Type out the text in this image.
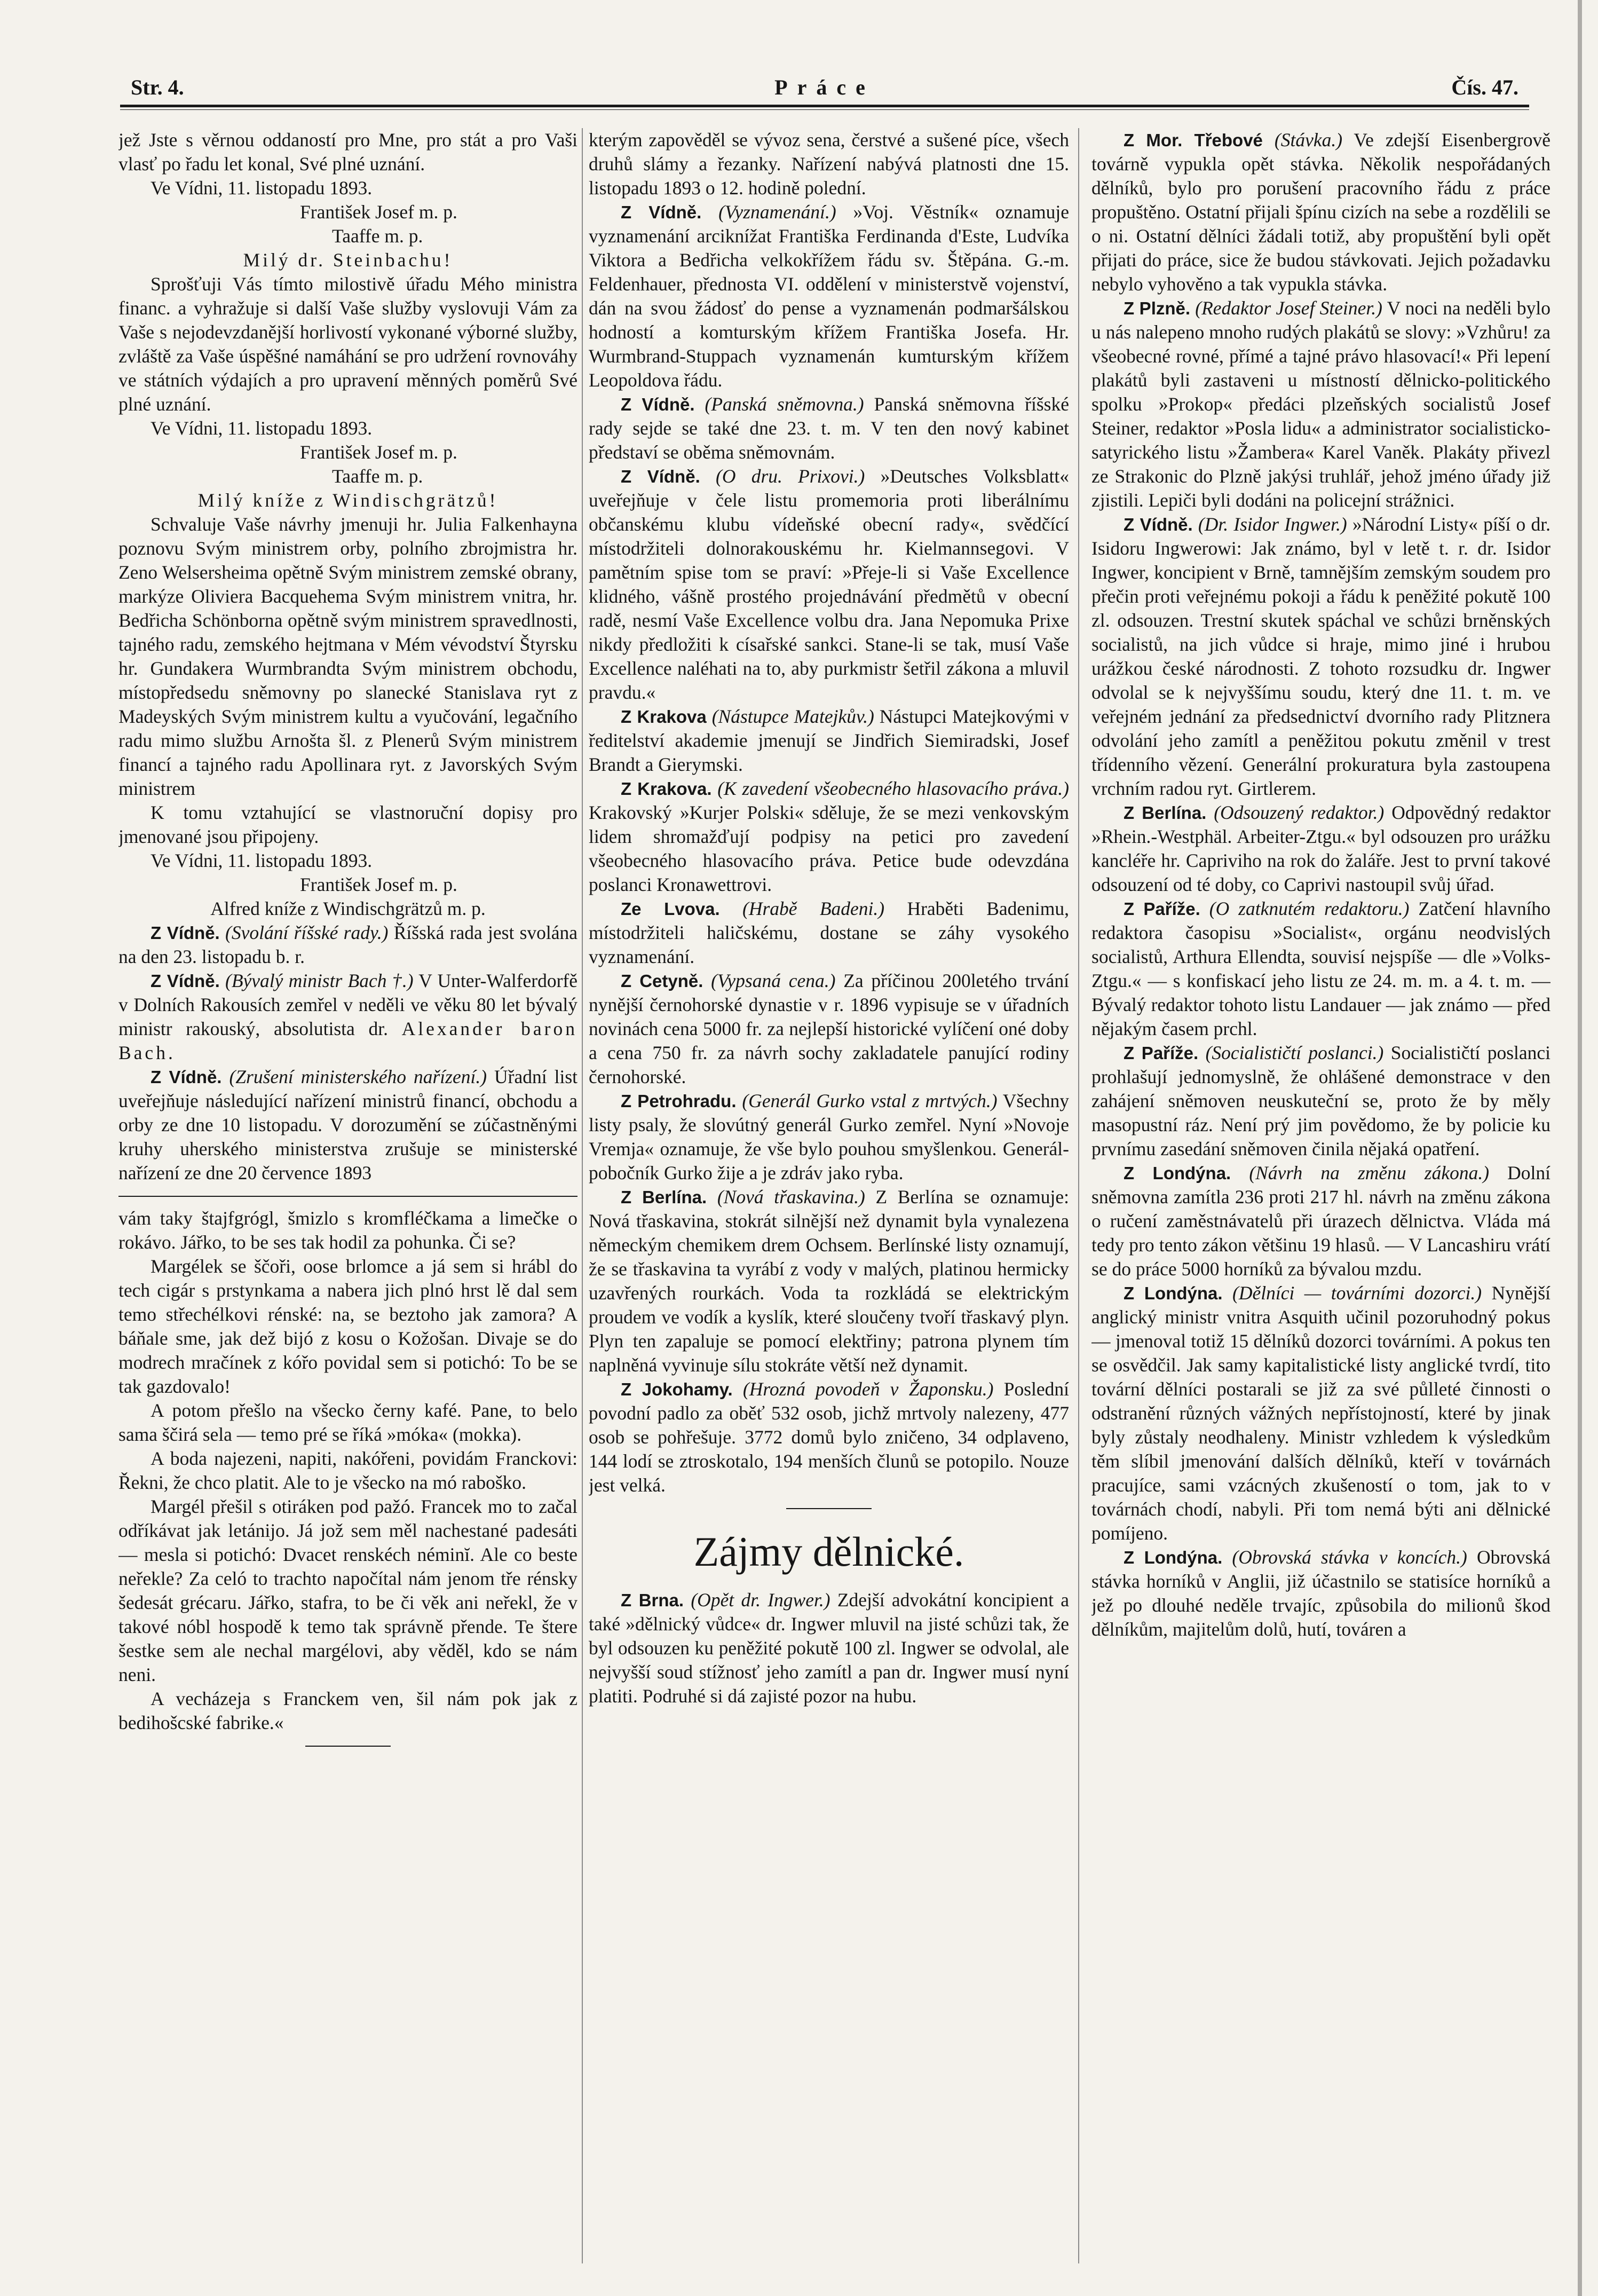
Str. 4.	Práce	Čís. 47.

jež Jste s věrnou oddaností pro Mne, pro stát a pro Vaši vlasť po řadu let konal, Své plné uznání.

Ve Vídni, 11. listopadu 1893.

František Josef m. p.

Taaffe m. p.

Milý dr. Steinbachu!

Sprošťuji Vás tímto milostivě úřadu Mého ministra financ. a vyhražuje si další Vaše služby vyslovuji Vám za Vaše s nejodevzdanější horlivostí vykonané výborné služby, zvláště za Vaše úspěšné namáhání se pro udržení rovnováhy ve státních výdajích a pro upravení měnných poměrů Své plné uznání.

Ve Vídni, 11. listopadu 1893.

František Josef m. p.

Taaffe m. p.

Milý kníže z Windischgrätzů!

Schvaluje Vaše návrhy jmenuji hr. Julia Falkenhayna poznovu Svým ministrem orby, polního zbrojmistra hr. Zeno Welsersheima opětně Svým ministrem zemské obrany, markýze Oliviera Bacquehema Svým ministrem vnitra, hr. Bedřicha Schönborna opětně svým ministrem spravedlnosti, tajného radu, zemského hejtmana v Mém vévodství Štyrsku hr. Gundakera Wurmbrandta Svým ministrem obchodu, místopředsedu sněmovny po slanecké Stanislava ryt z Madeyských Svým ministrem kultu a vyučování, legačního radu mimo službu Arnošta šl. z Plenerů Svým ministrem financí a tajného radu Apollinara ryt. z Javorských Svým ministrem

K tomu vztahující se vlastnoruční dopisy pro jmenované jsou připojeny.

Ve Vídni, 11. listopadu 1893.

František Josef m. p.

Alfred kníže z Windischgrätzů m. p.

Z Vídně. (Svolání říšské rady.) Říšská rada jest svolána na den 23. listopadu b. r.

Z Vídně. (Bývalý ministr Bach †.) V Unter-Walferdorfě v Dolních Rakousích zemřel v neděli ve věku 80 let bývalý ministr rakouský, absolutista dr. Alexander baron Bach.

Z Vídně. (Zrušení ministerského nařízení.) Úřadní list uveřejňuje následující nařízení ministrů financí, obchodu a orby ze dne 10 listopadu. V dorozumění se zúčastněnými kruhy uherského ministerstva zrušuje se ministerské nařízení ze dne 20 července 1893

vám taky štajfgrógl, šmizlo s kromfléčkama a limečke o rokávo. Jářko, to be ses tak hodil za pohunka. Či se?

Margélek se ščoři, oose brlomce a já sem si hrábl do tech cigár s prstynkama a nabera jich plnó hrst lě dal sem temo střechélkovi rénské: na, se beztoho jak zamora? A báňale sme, jak dež bijó z kosu o Kožošan. Divaje se do modrech mračínek z kóřo povidal sem si potichó: To be se tak gazdovalo!

A potom přešlo na všecko černy kafé. Pane, to belo sama ščirá sela — temo pré se říká »móka« (mokka).

A boda najezeni, napiti, nakóřeni, povidám Franckovi: Řekni, že chco platit. Ale to je všecko na mó raboško.

Margél přešil s otiráken pod pažó. Francek mo to začal odříkávat jak letánijo. Já jož sem měl nachestané padesáti — mesla si potichó: Dvacet renskéch néminĭ. Ale co beste neřekle? Za celó to trachto napočítal nám jenom tře rénsky šedesát grécaru. Jářko, stafra, to be či věk ani neřekl, že v takové nóbl hospodě k temo tak správně přende. Te štere šestke sem ale nechal margélovi, aby věděl, kdo se nám neni.

A vecházeja s Franckem ven, šil nám pok jak z bedihošcské fabrike.«

kterým zapověděl se vývoz sena, čerstvé a sušené píce, všech druhů slámy a řezanky. Nařízení nabývá platnosti dne 15. listopadu 1893 o 12. hodině polední.

Z Vídně. (Vyznamenání.) »Voj. Věstník« oznamuje vyznamenání arciknížat Františka Ferdinanda d'Este, Ludvíka Viktora a Bedřicha velkokřížem řádu sv. Štěpána. G.-m. Feldenhauer, přednosta VI. oddělení v ministerstvě vojenství, dán na svou žádosť do pense a vyznamenán podmaršálskou hodností a komturským křížem Františka Josefa. Hr. Wurmbrand-Stuppach vyznamenán kumturským křížem Leopoldova řádu.

Z Vídně. (Panská sněmovna.) Panská sněmovna říšské rady sejde se také dne 23. t. m. V ten den nový kabinet představí se oběma sněmovnám.

Z Vídně. (O dru. Prixovi.) »Deutsches Volksblatt« uveřejňuje v čele listu promemoria proti liberálnímu občanskému klubu vídeňské obecní rady«, svědčící místodržiteli dolnorakouskému hr. Kielmannsegovi. V pamětním spise tom se praví: »Přeje-li si Vaše Excellence klidného, vášně prostého projednávání předmětů v obecní radě, nesmí Vaše Excellence volbu dra. Jana Nepomuka Prixe nikdy předložiti k císařské sankci. Stane-li se tak, musí Vaše Excellence naléhati na to, aby purkmistr šetřil zákona a mluvil pravdu.«

Z Krakova (Nástupce Matejkův.) Nástupci Matejkovými v ředitelství akademie jmenují se Jindřich Siemiradski, Josef Brandt a Gierymski.

Z Krakova. (K zavedení všeobecného hlasovacího práva.) Krakovský »Kurjer Polski« sděluje, že se mezi venkovským lidem shromažďují podpisy na petici pro zavedení všeobecného hlasovacího práva. Petice bude odevzdána poslanci Kronawettrovi.

Ze Lvova. (Hrabě Badeni.) Hraběti Badenimu, místodržiteli haličskému, dostane se záhy vysokého vyznamenání.

Z Cetyně. (Vypsaná cena.) Za příčinou 200letého trvání nynější černohorské dynastie v r. 1896 vypisuje se v úřadních novinách cena 5000 fr. za nejlepší historické vylíčení oné doby a cena 750 fr. za návrh sochy zakladatele panující rodiny černohorské.

Z Petrohradu. (Generál Gurko vstal z mrtvých.) Všechny listy psaly, že slovútný generál Gurko zemřel. Nyní »Novoje Vremja« oznamuje, že vše bylo pouhou smyšlenkou. Generál-pobočník Gurko žije a je zdráv jako ryba.

Z Berlína. (Nová třaskavina.) Z Berlína se oznamuje: Nová třaskavina, stokrát silnější než dynamit byla vynalezena německým chemikem drem Ochsem. Berlínské listy oznamují, že se třaskavina ta vyrábí z vody v malých, platinou hermicky uzavřených rourkách. Voda ta rozkládá se elektrickým proudem ve vodík a kyslík, které sloučeny tvoří třaskavý plyn. Plyn ten zapaluje se pomocí elektřiny; patrona plynem tím naplněná vyvinuje sílu stokráte větší než dynamit.

Z Jokohamy. (Hrozná povodeň v Žaponsku.) Poslední povodní padlo za oběť 532 osob, jichž mrtvoly nalezeny, 477 osob se pohřešuje. 3772 domů bylo zničeno, 34 odplaveno, 144 lodí se ztroskotalo, 194 menších člunů se potopilo. Nouze jest velká.

Zájmy dělnické.

Z Brna. (Opět dr. Ingwer.) Zdejší advokátní koncipient a také »dělnický vůdce« dr. Ingwer mluvil na jisté schůzi tak, že byl odsouzen ku peněžité pokutě 100 zl. Ingwer se odvolal, ale nejvyšší soud stížnosť jeho zamítl a pan dr. Ingwer musí nyní platiti. Podruhé si dá zajisté pozor na hubu.

Z Mor. Třebové (Stávka.) Ve zdejší Eisenbergrově továrně vypukla opět stávka. Několik nespořádaných dělníků, bylo pro porušení pracovního řádu z práce propuštěno. Ostatní přijali špínu cizích na sebe a rozdělili se o ni. Ostatní dělníci žádali totiž, aby propuštění byli opět přijati do práce, sice že budou stávkovati. Jejich požadavku nebylo vyhověno a tak vypukla stávka.

Z Plzně. (Redaktor Josef Steiner.) V noci na neděli bylo u nás nalepeno mnoho rudých plakátů se slovy: »Vzhůru! za všeobecné rovné, přímé a tajné právo hlasovací!« Při lepení plakátů byli zastaveni u místností dělnicko-politického spolku »Prokop« předáci plzeňských socialistů Josef Steiner, redaktor »Posla lidu« a administrator socialisticko-satyrického listu »Žambera« Karel Vaněk. Plakáty přivezl ze Strakonic do Plzně jakýsi truhlář, jehož jméno úřady již zjistili. Lepiči byli dodáni na policejní strážnici.

Z Vídně. (Dr. Isidor Ingwer.) »Národní Listy« píší o dr. Isidoru Ingwerowi: Jak známo, byl v letě t. r. dr. Isidor Ingwer, koncipient v Brně, tamnějším zemským soudem pro přečin proti veřejnému pokoji a řádu k peněžité pokutě 100 zl. odsouzen. Trestní skutek spáchal ve schůzi brněnských socialistů, na jich vůdce si hraje, mimo jiné i hrubou urážkou české národnosti. Z tohoto rozsudku dr. Ingwer odvolal se k nejvyššímu soudu, který dne 11. t. m. ve veřejném jednání za předsednictví dvorního rady Plitznera odvolání jeho zamítl a peněžitou pokutu změnil v trest třídenního vězení. Generální prokuratura byla zastoupena vrchním radou ryt. Girtlerem.

Z Berlína. (Odsouzený redaktor.) Odpovědný redaktor »Rhein.-Westphäl. Arbeiter-Ztgu.« byl odsouzen pro urážku kancléře hr. Capriviho na rok do žaláře. Jest to první takové odsouzení od té doby, co Caprivi nastoupil svůj úřad.

Z Paříže. (O zatknutém redaktoru.) Zatčení hlavního redaktora časopisu »Socialist«, orgánu neodvislých socialistů, Arthura Ellendta, souvisí nejspíše — dle »Volks-Ztgu.« — s konfiskací jeho listu ze 24. m. m. a 4. t. m. — Bývalý redaktor tohoto listu Landauer — jak známo — před nějakým časem prchl.

Z Paříže. (Socialističtí poslanci.) Socialističtí poslanci prohlašují jednomyslně, že ohlášené demonstrace v den zahájení sněmoven neuskuteční se, proto že by měly masopustní ráz. Není prý jim povědomo, že by policie ku prvnímu zasedání sněmoven činila nějaká opatření.

Z Londýna. (Návrh na změnu zákona.) Dolní sněmovna zamítla 236 proti 217 hl. návrh na změnu zákona o ručení zaměstnávatelů při úrazech dělnictva. Vláda má tedy pro tento zákon většinu 19 hlasů. — V Lancashiru vrátí se do práce 5000 horníků za bývalou mzdu.

Z Londýna. (Dělníci — továrními dozorci.) Nynější anglický ministr vnitra Asquith učinil pozoruhodný pokus — jmenoval totiž 15 dělníků dozorci továrními. A pokus ten se osvědčil. Jak samy kapitalistické listy anglické tvrdí, tito tovární dělníci postarali se již za své půlleté činnosti o odstranění různých vážných nepřístojností, které by jinak byly zůstaly neodhaleny. Ministr vzhledem k výsledkům těm slíbil jmenování dalších dělníků, kteří v továrnách pracujíce, sami vzácných zkušeností o tom, jak to v továrnách chodí, nabyli. Při tom nemá býti ani dělnické pomíjeno.

Z Londýna. (Obrovská stávka v koncích.) Obrovská stávka horníků v Anglii, již účastnilo se statisíce horníků a jež po dlouhé neděle trvajíc, způsobila do milionů škod dělníkům, majitelům dolů, hutí, továren a
